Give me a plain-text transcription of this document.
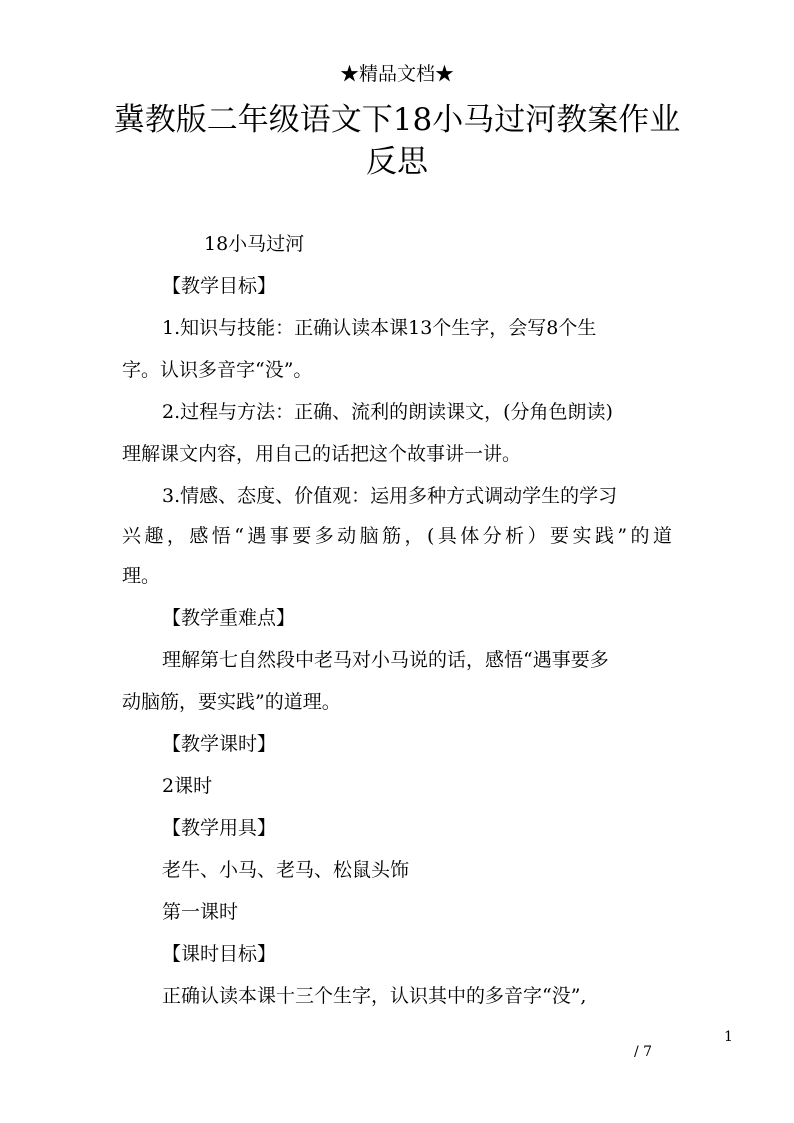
★精品文档★
冀教版二年级语文下18小马过河教案作业
反思
18小马过河
【教学目标】
1.知识与技能：正确认读本课13个生字，会写8个生
字。认识多音字“没”。
2.过程与方法：正确、流利的朗读课文，(分角色朗读)
理解课文内容，用自己的话把这个故事讲一讲。
3.情感、态度、价值观：运用多种方式调动学生的学习
兴趣，感悟“遇事要多动脑筋，(具体分析）要实践”的道
理。
【教学重难点】
理解第七自然段中老马对小马说的话，感悟“遇事要多
动脑筋，要实践”的道理。
【教学课时】
2课时
【教学用具】
老牛、小马、老马、松鼠头饰
第一课时
【课时目标】
正确认读本课十三个生字，认识其中的多音字“没”,
1
/ 7
